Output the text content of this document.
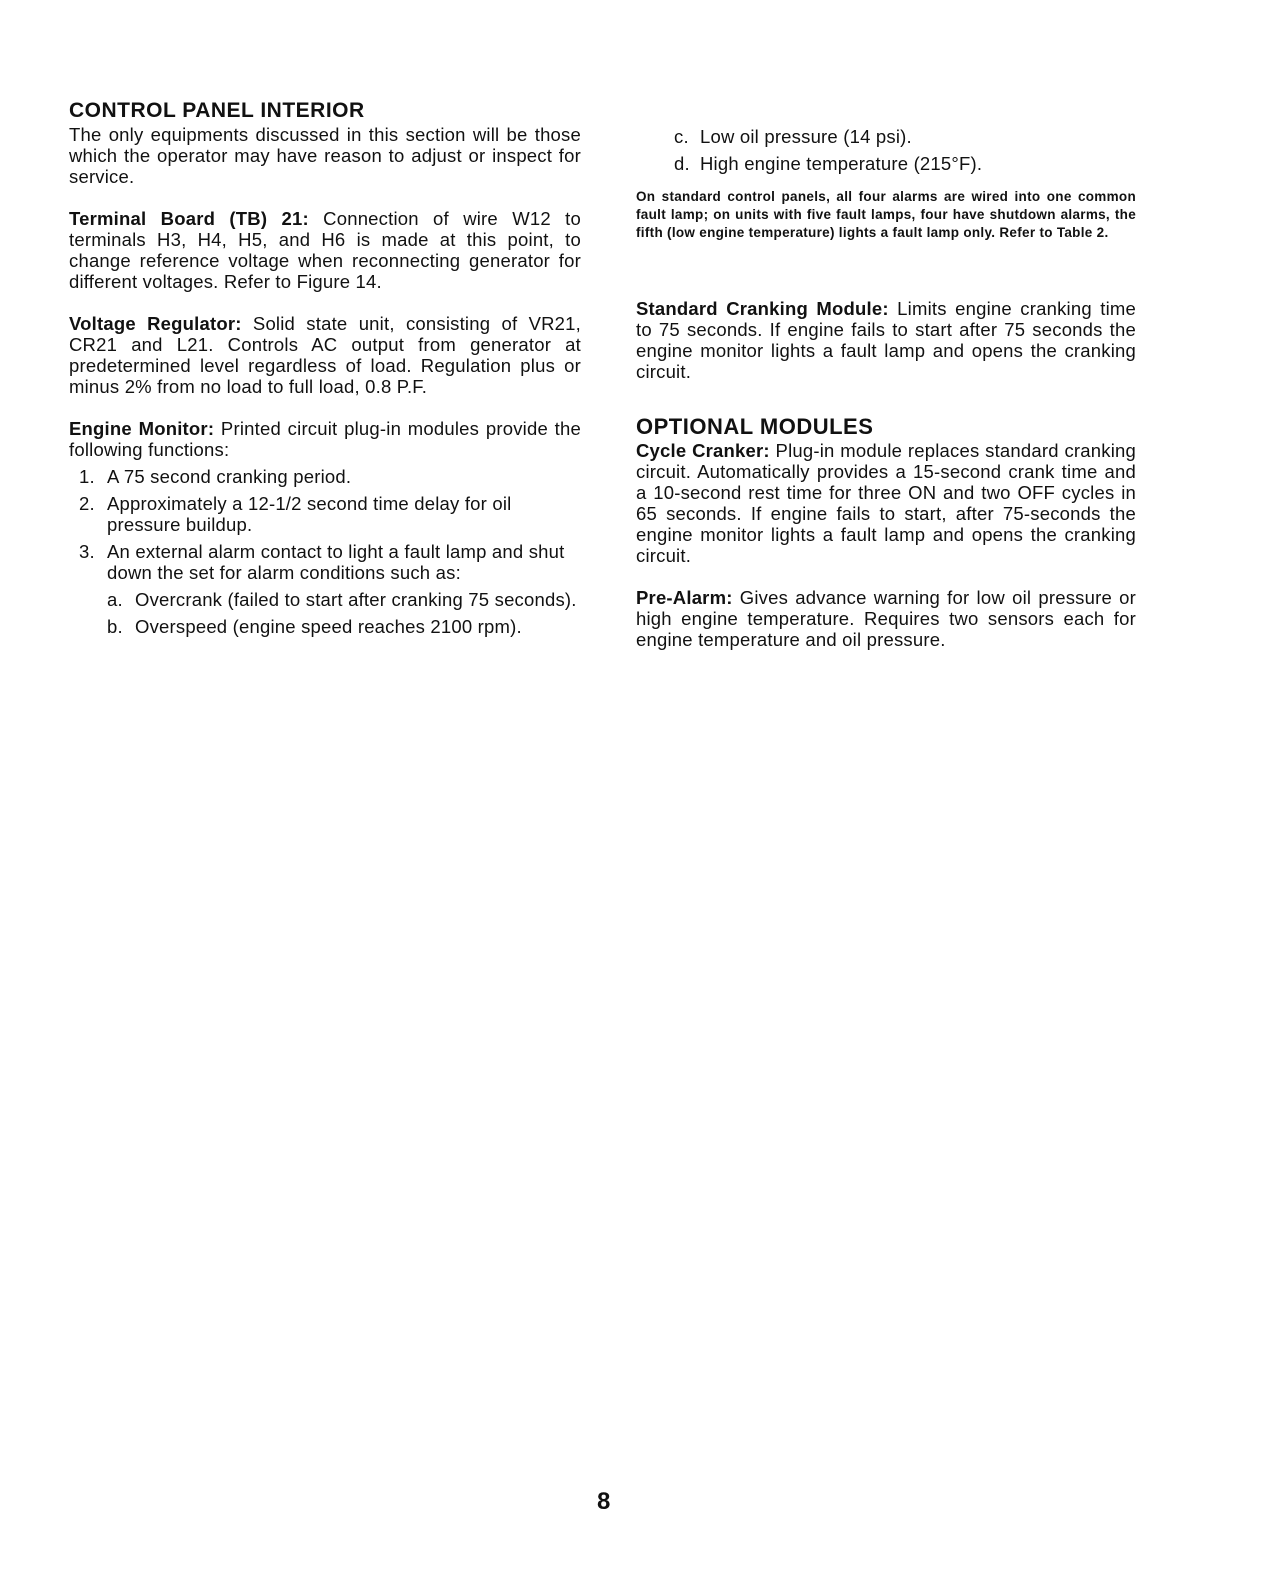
CONTROL PANEL INTERIOR

The only equipments discussed in this section will be those which the operator may have reason to adjust or inspect for service.

Terminal Board (TB) 21: Connection of wire W12 to terminals H3, H4, H5, and H6 is made at this point, to change reference voltage when reconnecting generator for different voltages. Refer to Figure 14.

Voltage Regulator: Solid state unit, consisting of VR21, CR21 and L21. Controls AC output from generator at predetermined level regardless of load. Regulation plus or minus 2% from no load to full load, 0.8 P.F.

Engine Monitor: Printed circuit plug-in modules provide the following functions:

1. A 75 second cranking period.
2. Approximately a 12-1/2 second time delay for oil pressure buildup.
3. An external alarm contact to light a fault lamp and shut down the set for alarm conditions such as:
a. Overcrank (failed to start after cranking 75 seconds).
b. Overspeed (engine speed reaches 2100 rpm).
c. Low oil pressure (14 psi).
d. High engine temperature (215°F).

On standard control panels, all four alarms are wired into one common fault lamp; on units with five fault lamps, four have shutdown alarms, the fifth (low engine temperature) lights a fault lamp only. Refer to Table 2.

Standard Cranking Module: Limits engine cranking time to 75 seconds. If engine fails to start after 75 seconds the engine monitor lights a fault lamp and opens the cranking circuit.

OPTIONAL MODULES

Cycle Cranker: Plug-in module replaces standard cranking circuit. Automatically provides a 15-second crank time and a 10-second rest time for three ON and two OFF cycles in 65 seconds. If engine fails to start, after 75-seconds the engine monitor lights a fault lamp and opens the cranking circuit.

Pre-Alarm: Gives advance warning for low oil pressure or high engine temperature. Requires two sensors each for engine temperature and oil pressure.

8
